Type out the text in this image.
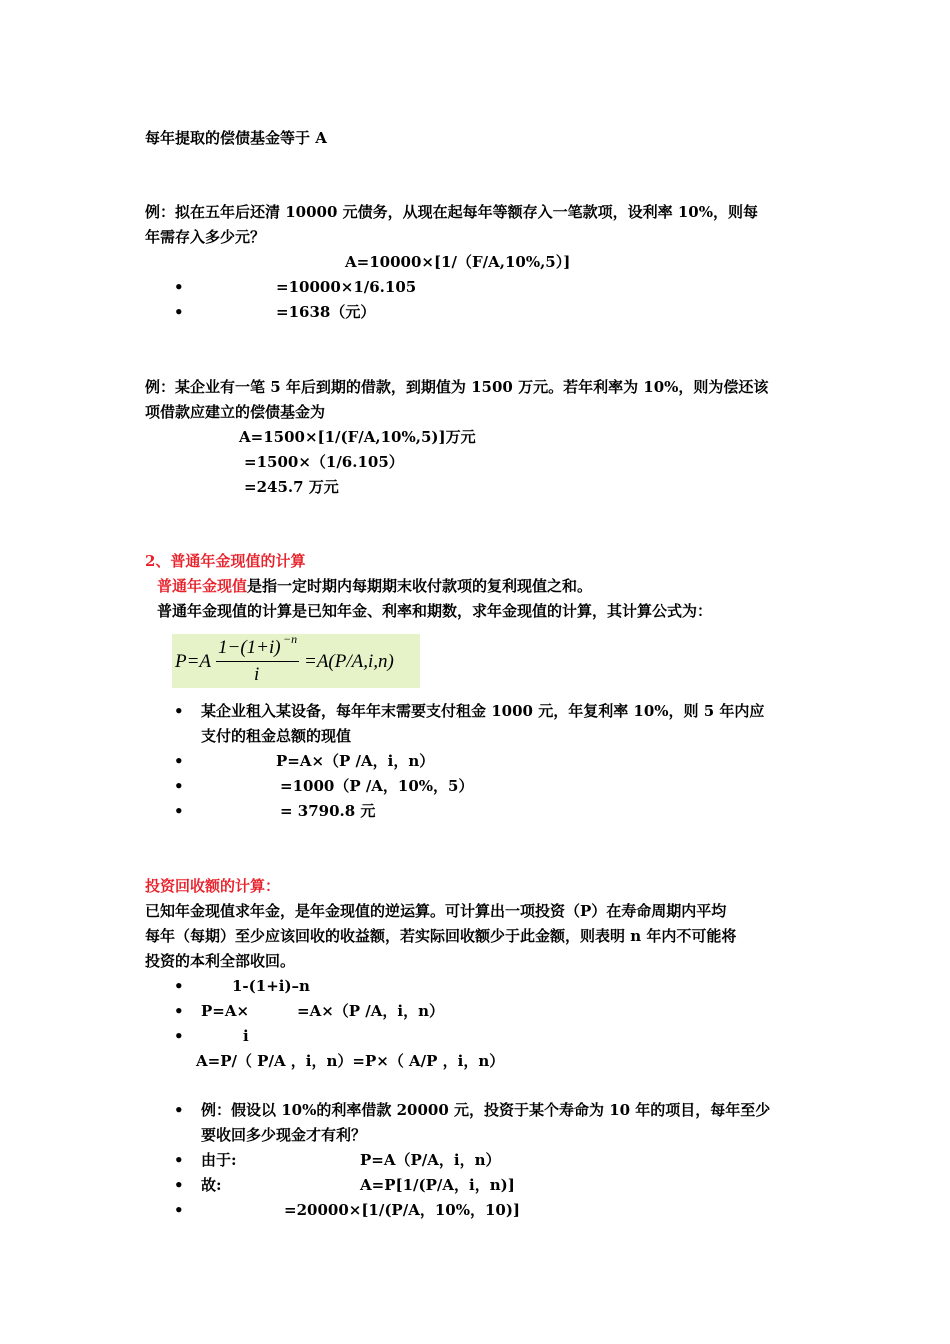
每年提取的偿债基金等于 A
例：拟在五年后还清 10000 元债务，从现在起每年等额存入一笔款项，设利率 10%，则每
年需存入多少元？
A=10000×[1/（F/A,10%,5）]
•	=10000×1/6.105
•	=1638（元）
例：某企业有一笔 5 年后到期的借款，到期值为 1500 万元。若年利率为 10%，则为偿还该
项借款应建立的偿债基金为
A=1500×[1/(F/A,10%,5)]万元
=1500×（1/6.105）
=245.7 万元
2、普通年金现值的计算
普通年金现值是指一定时期内每期期末收付款项的复利现值之和。
普通年金现值的计算是已知年金、利率和期数，求年金现值的计算，其计算公式为：
P=A
1−(1+i) −n
i
=A(P/A,i,n)
• 某企业租入某设备，每年年末需要支付租金 1000 元，年复利率 10%，则 5 年内应
支付的租金总额的现值
•	P=A×（P /A，i，n）
•	=1000（P /A，10%，5）
•	= 3790.8 元
投资回收额的计算：
已知年金现值求年金，是年金现值的逆运算。可计算出一项投资（P）在寿命周期内平均
每年（每期）至少应该回收的收益额，若实际回收额少于此金额，则表明 n 年内不可能将
投资的本利全部收回。
•	1-(1+i)–n
• P=A×	=A×（P /A，i，n）
•	i
A=P/（ P/A ，i，n）=P×（ A/P ，i，n）
• 例：假设以 10%的利率借款 20000 元，投资于某个寿命为 10 年的项目，每年至少
要收回多少现金才有利？
• 由于:	P=A（P/A，i，n）
• 故:	A=P[1/(P/A，i，n)]
•	=20000×[1/(P/A，10%，10)]
